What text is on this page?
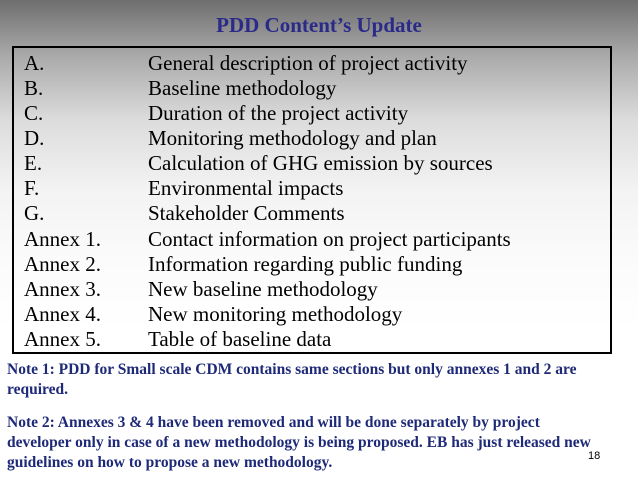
PDD Content’s Update
A.	General description of project activity
B.	Baseline methodology
C.	Duration of the project activity
D.	Monitoring methodology and plan
E.	Calculation of GHG emission by sources
F.	Environmental impacts
G.	Stakeholder Comments
Annex 1. Contact information on project participants
Annex 2. Information regarding public funding
Annex 3. New baseline methodology
Annex 4. New monitoring methodology
Annex 5. Table of baseline data
Note 1: PDD for Small scale CDM contains same sections but only annexes 1 and 2 are required.
Note 2: Annexes 3 & 4 have been removed and will be done separately by project developer only in case of a new methodology is being proposed. EB has just released new guidelines on how to propose a new methodology.	18
